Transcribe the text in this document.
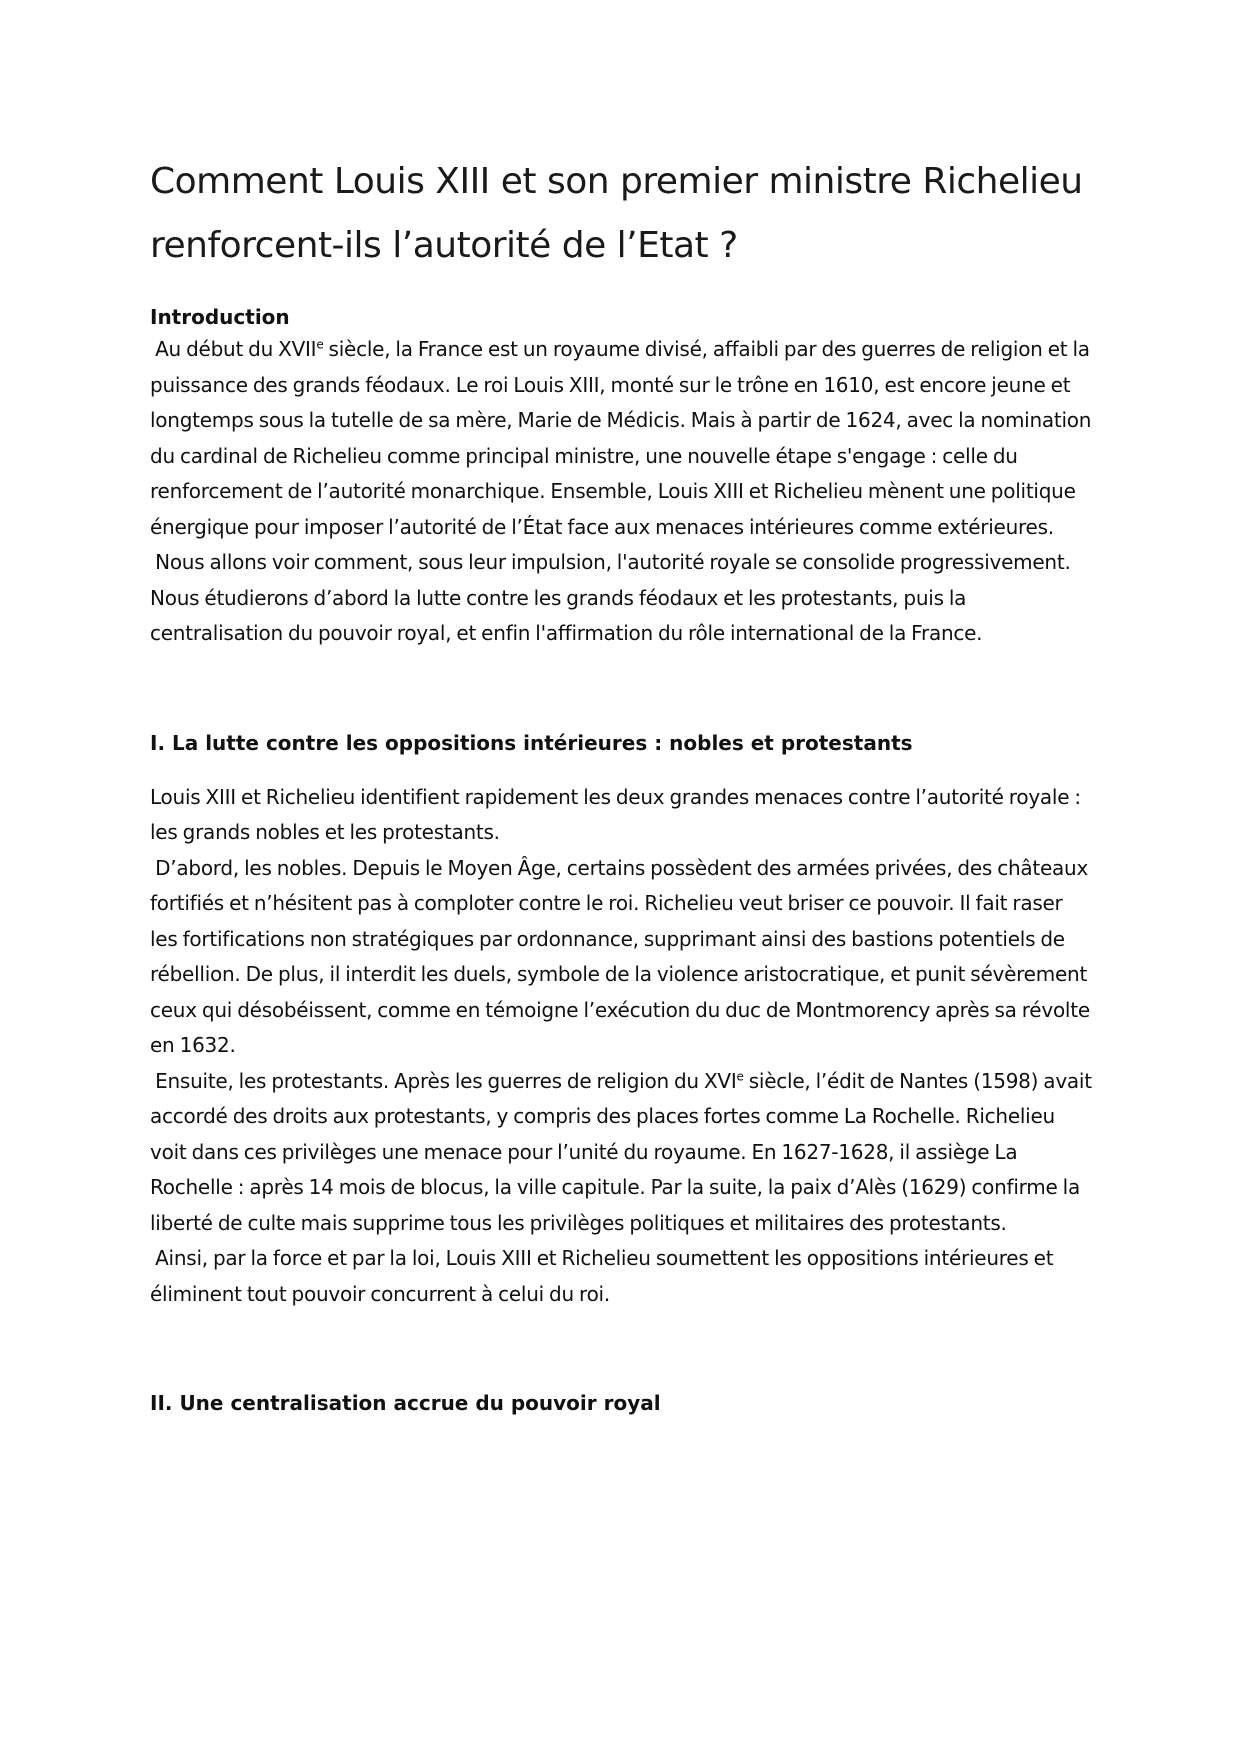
Comment Louis XIII et son premier ministre Richelieu renforcent-ils l’autorité de l’Etat ?
Introduction

Au début du XVIIe siècle, la France est un royaume divisé, affaibli par des guerres de religion et la puissance des grands féodaux. Le roi Louis XIII, monté sur le trône en 1610, est encore jeune et longtemps sous la tutelle de sa mère, Marie de Médicis. Mais à partir de 1624, avec la nomination du cardinal de Richelieu comme principal ministre, une nouvelle étape s'engage : celle du renforcement de l’autorité monarchique. Ensemble, Louis XIII et Richelieu mènent une politique énergique pour imposer l’autorité de l’État face aux menaces intérieures comme extérieures.

Nous allons voir comment, sous leur impulsion, l'autorité royale se consolide progressivement. Nous étudierons d’abord la lutte contre les grands féodaux et les protestants, puis la centralisation du pouvoir royal, et enfin l'affirmation du rôle international de la France.

I. La lutte contre les oppositions intérieures : nobles et protestants

Louis XIII et Richelieu identifient rapidement les deux grandes menaces contre l’autorité royale : les grands nobles et les protestants.

D’abord, les nobles. Depuis le Moyen Âge, certains possèdent des armées privées, des châteaux fortifiés et n’hésitent pas à comploter contre le roi. Richelieu veut briser ce pouvoir. Il fait raser les fortifications non stratégiques par ordonnance, supprimant ainsi des bastions potentiels de rébellion. De plus, il interdit les duels, symbole de la violence aristocratique, et punit sévèrement ceux qui désobéissent, comme en témoigne l’exécution du duc de Montmorency après sa révolte en 1632.

Ensuite, les protestants. Après les guerres de religion du XVIe siècle, l’édit de Nantes (1598) avait accordé des droits aux protestants, y compris des places fortes comme La Rochelle. Richelieu voit dans ces privilèges une menace pour l’unité du royaume. En 1627-1628, il assiège La Rochelle : après 14 mois de blocus, la ville capitule. Par la suite, la paix d’Alès (1629) confirme la liberté de culte mais supprime tous les privilèges politiques et militaires des protestants.

Ainsi, par la force et par la loi, Louis XIII et Richelieu soumettent les oppositions intérieures et éliminent tout pouvoir concurrent à celui du roi.

II. Une centralisation accrue du pouvoir royal
